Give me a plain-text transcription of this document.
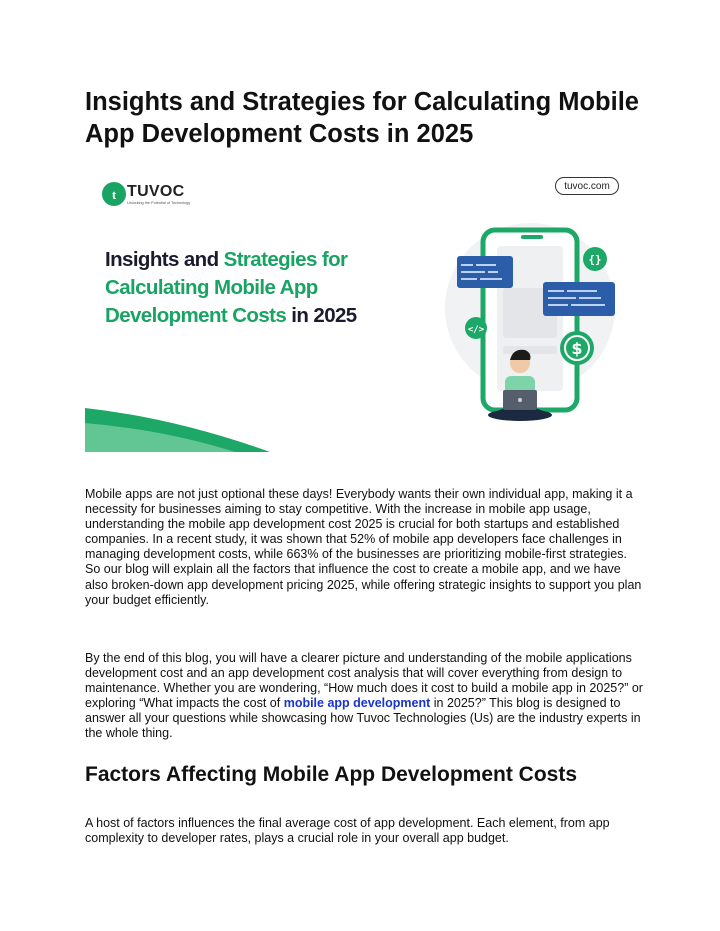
Insights and Strategies for Calculating Mobile App Development Costs in 2025
t
{}
</>
$
TUVOC
Unlocking the Potential of Technology
tuvoc.com
Insights and Strategies for Calculating Mobile App Development Costs in 2025

Mobile apps are not just optional these days! Everybody wants their own individual app, making it a necessity for businesses aiming to stay competitive. With the increase in mobile app usage, understanding the mobile app development cost 2025 is crucial for both startups and established companies. In a recent study, it was shown that 52% of mobile app developers face challenges in managing development costs, while 663% of the businesses are prioritizing mobile-first strategies. So our blog will explain all the factors that influence the cost to create a mobile app, and we have also broken-down app development pricing 2025, while offering strategic insights to support you plan your budget efficiently.

By the end of this blog, you will have a clearer picture and understanding of the mobile applications development cost and an app development cost analysis that will cover everything from design to maintenance. Whether you are wondering, “How much does it cost to build a mobile app in 2025?” or exploring “What impacts the cost of mobile app development in 2025?” This blog is designed to answer all your questions while showcasing how Tuvoc Technologies (Us) are the industry experts in the whole thing.

Factors Affecting Mobile App Development Costs

A host of factors influences the final average cost of app development. Each element, from app complexity to developer rates, plays a crucial role in your overall app budget.
